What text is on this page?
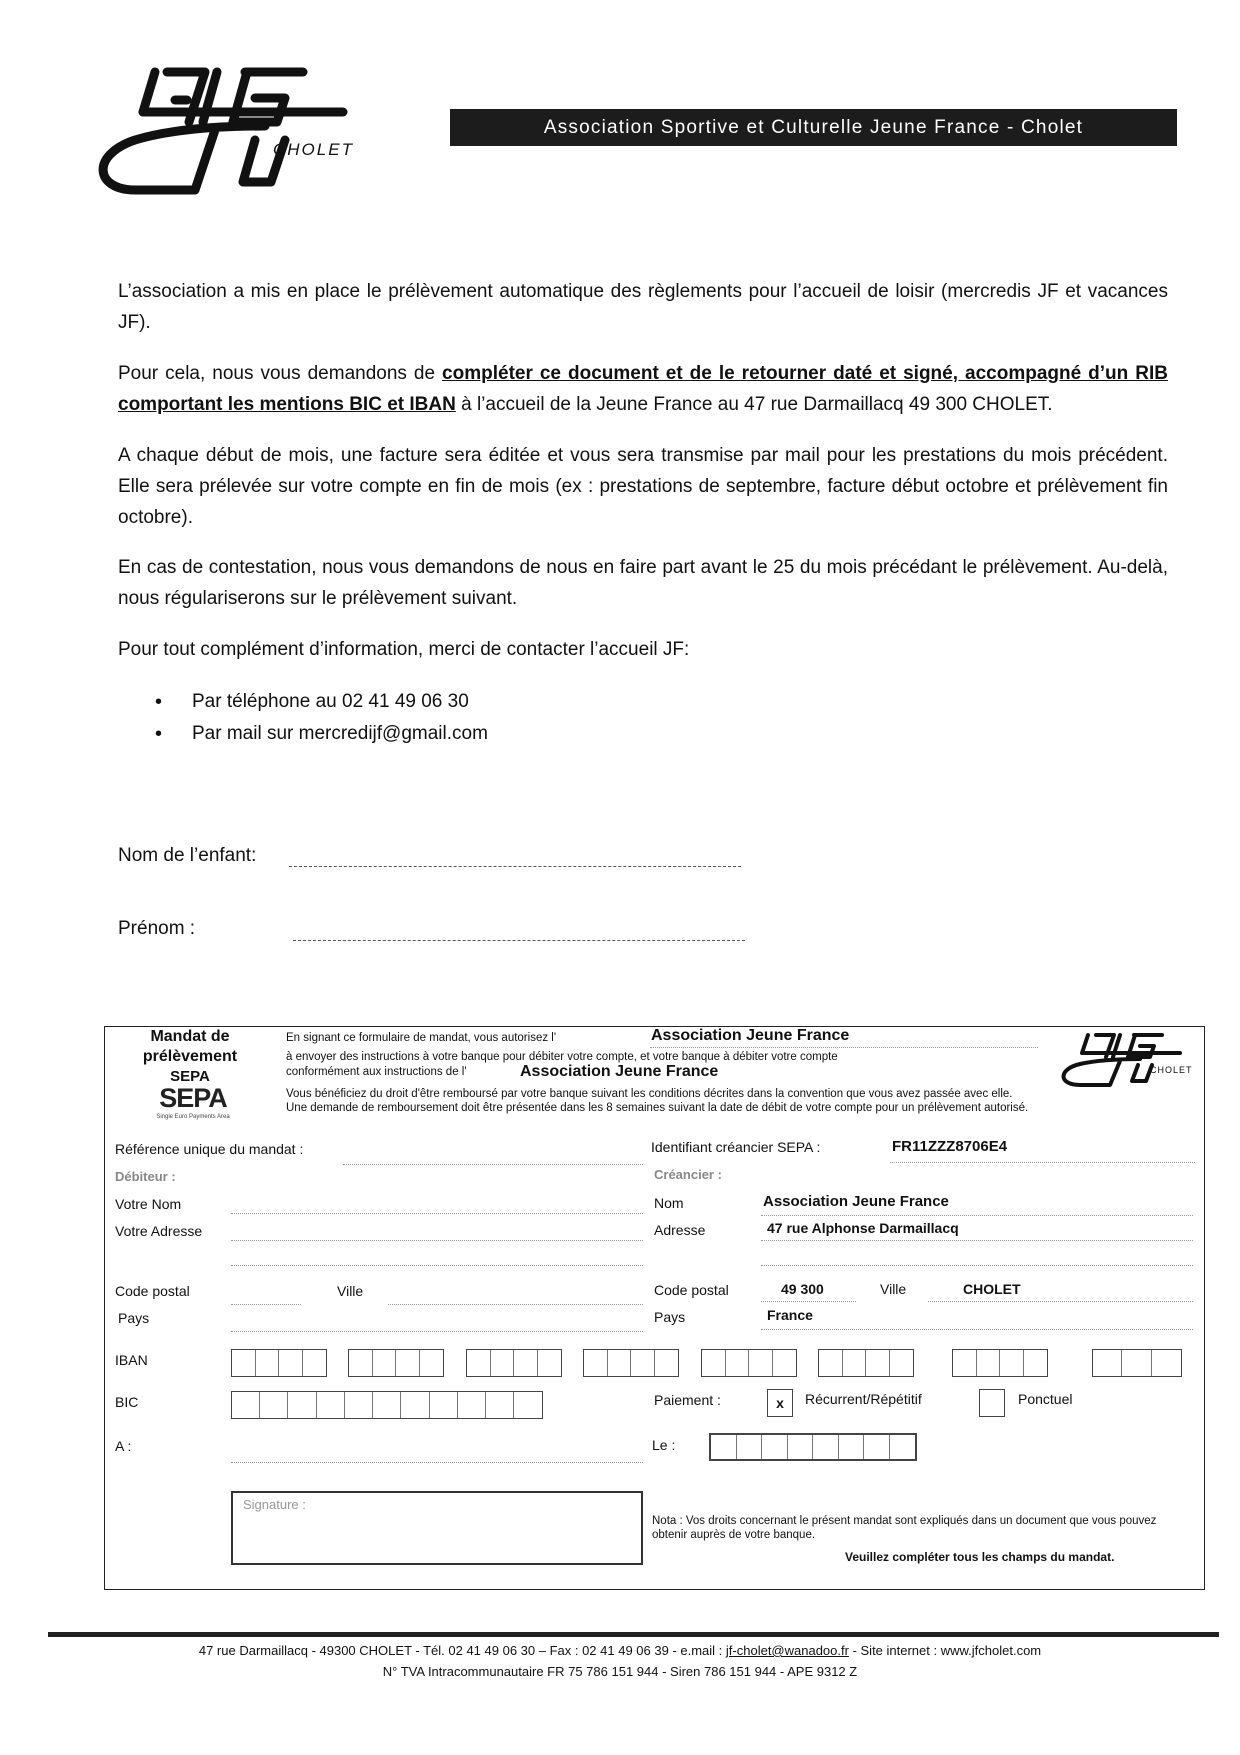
CHOLET
Association Sportive et Culturelle Jeune France - Cholet
L’association a mis en place le prélèvement automatique des règlements pour l’accueil de loisir (mercredis JF et vacances JF).
Pour cela, nous vous demandons de compléter ce document et de le retourner daté et signé, accompagné d’un RIB comportant les mentions BIC et IBAN à l’accueil de la Jeune France au 47 rue Darmaillacq 49 300 CHOLET.
A chaque début de mois, une facture sera éditée et vous sera transmise par mail pour les prestations du mois précédent. Elle sera prélevée sur votre compte en fin de mois (ex : prestations de septembre, facture début octobre et prélèvement fin octobre).
En cas de contestation, nous vous demandons de nous en faire part avant le 25 du mois précédant le prélèvement. Au-delà, nous régulariserons sur le prélèvement suivant.
Pour tout complément d’information, merci de contacter l’accueil JF:
• Par téléphone au 02 41 49 06 30
• Par mail sur mercredijf@gmail.com
Nom de l’enfant:
Prénom :
Mandat de
prélèvement
SEPA
SEPA
Single Euro Payments Area
En signant ce formulaire de mandat, vous autorisez l'	Association Jeune France
à envoyer des instructions à votre banque pour débiter votre compte, et votre banque à débiter votre compte
conformément aux instructions de l'	Association Jeune France
Vous bénéficiez du droit d'être remboursé par votre banque suivant les conditions décrites dans la convention que vous avez passée avec elle. Une demande de remboursement doit être présentée dans les 8 semaines suivant la date de débit de votre compte pour un prélèvement autorisé.
CHOLET
Référence unique du mandat :	Identifiant créancier SEPA :	FR11ZZZ8706E4
Débiteur :	Créancier :
Votre Nom
Votre Adresse
Code postal	Ville
Pays
Nom	Association Jeune France
Adresse	47 rue Alphonse Darmaillacq
Code postal	49 300	Ville	CHOLET
Pays	France
IBAN
BIC	Paiement :	x	Récurrent/Répétitif	Ponctuel
A :	Le :
Signature :
Nota : Vos droits concernant le présent mandat sont expliqués dans un document que vous pouvez obtenir auprès de votre banque.
Veuillez compléter tous les champs du mandat.
47 rue Darmaillacq - 49300 CHOLET - Tél. 02 41 49 06 30 – Fax : 02 41 49 06 39 - e.mail : jf-cholet@wanadoo.fr - Site internet : www.jfcholet.com
N° TVA Intracommunautaire FR 75 786 151 944 - Siren 786 151 944 - APE 9312 Z
